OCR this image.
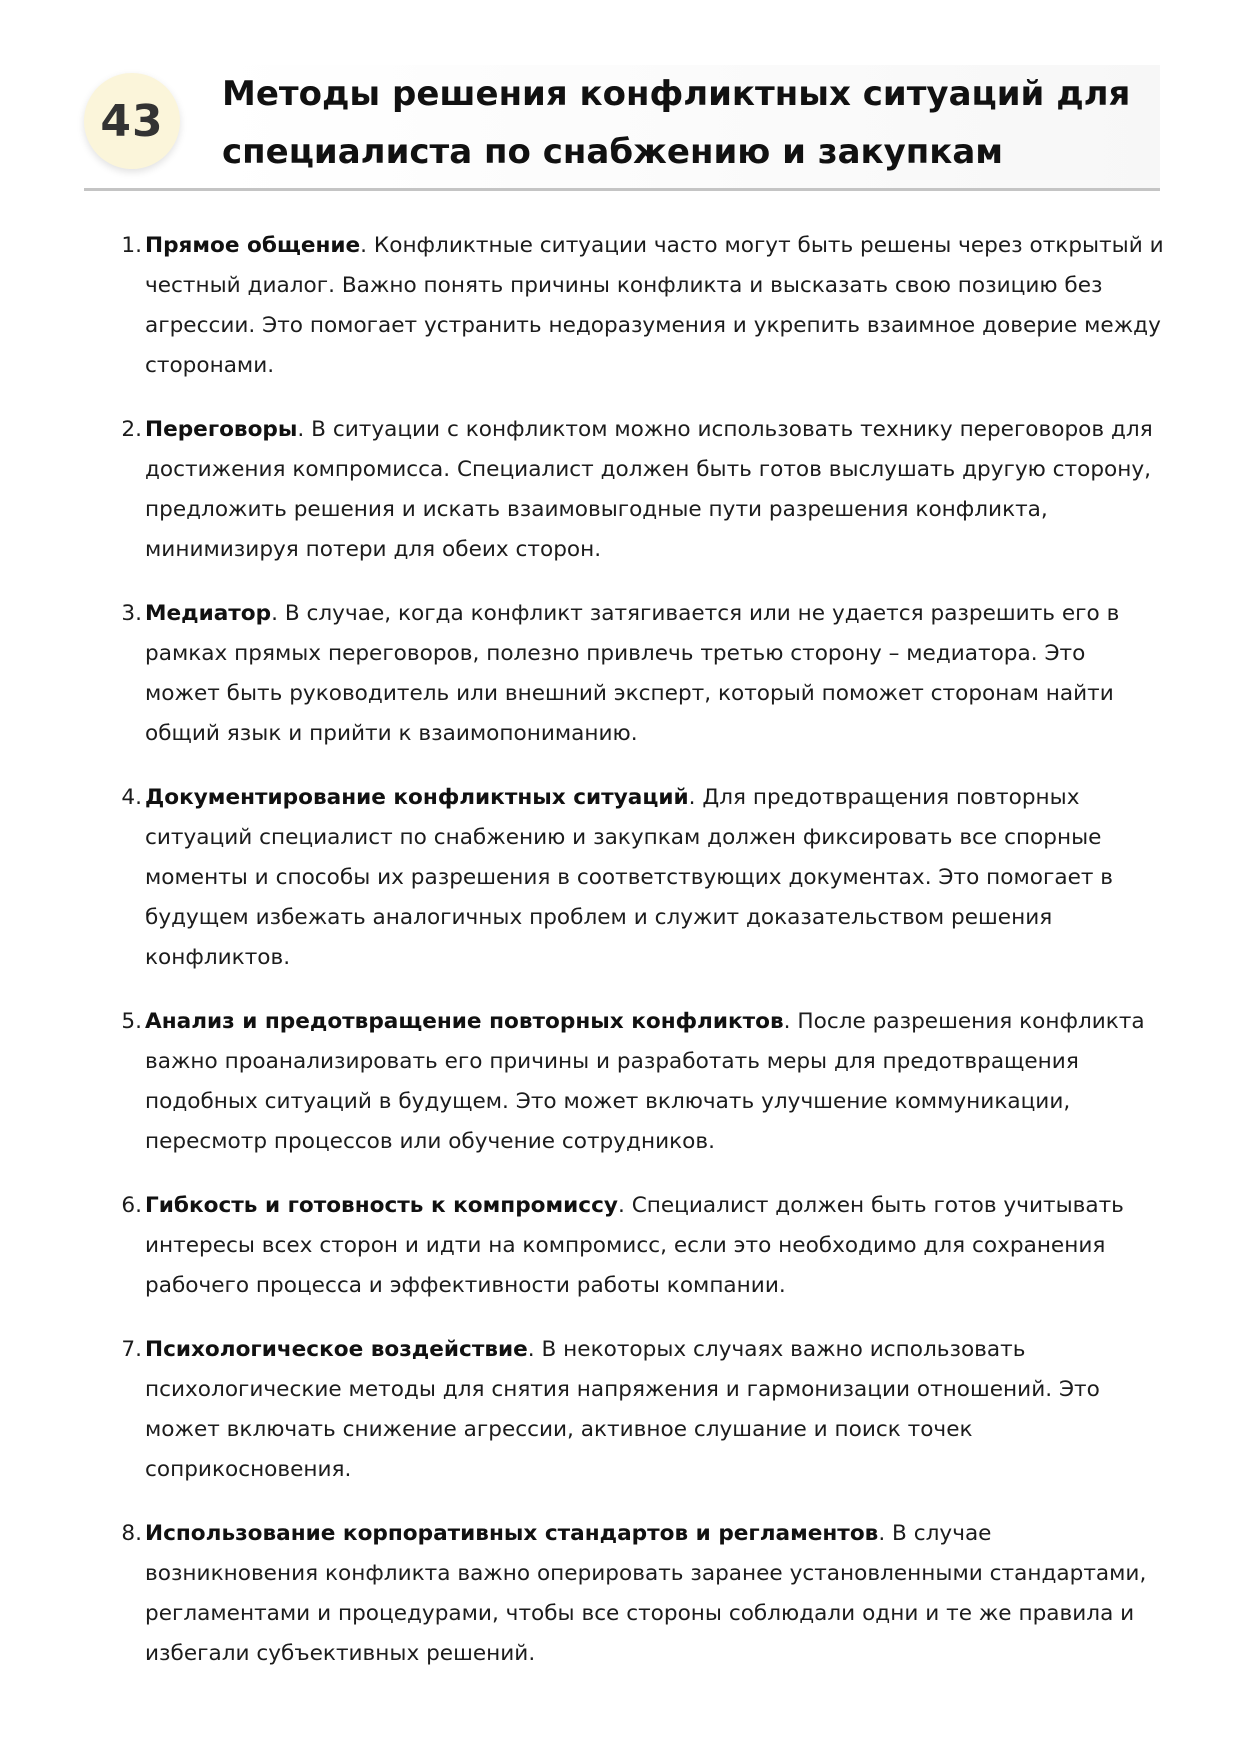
43
Методы решения конфликтных ситуаций для специалиста по снабжению и закупкам
1. Прямое общение. Конфликтные ситуации часто могут быть решены через открытый и честный диалог. Важно понять причины конфликта и высказать свою позицию без агрессии. Это помогает устранить недоразумения и укрепить взаимное доверие между сторонами.
2. Переговоры. В ситуации с конфликтом можно использовать технику переговоров для достижения компромисса. Специалист должен быть готов выслушать другую сторону, предложить решения и искать взаимовыгодные пути разрешения конфликта, минимизируя потери для обеих сторон.
3. Медиатор. В случае, когда конфликт затягивается или не удается разрешить его в рамках прямых переговоров, полезно привлечь третью сторону – медиатора. Это может быть руководитель или внешний эксперт, который поможет сторонам найти общий язык и прийти к взаимопониманию.
4. Документирование конфликтных ситуаций. Для предотвращения повторных ситуаций специалист по снабжению и закупкам должен фиксировать все спорные моменты и способы их разрешения в соответствующих документах. Это помогает в будущем избежать аналогичных проблем и служит доказательством решения конфликтов.
5. Анализ и предотвращение повторных конфликтов. После разрешения конфликта важно проанализировать его причины и разработать меры для предотвращения подобных ситуаций в будущем. Это может включать улучшение коммуникации, пересмотр процессов или обучение сотрудников.
6. Гибкость и готовность к компромиссу. Специалист должен быть готов учитывать интересы всех сторон и идти на компромисс, если это необходимо для сохранения рабочего процесса и эффективности работы компании.
7. Психологическое воздействие. В некоторых случаях важно использовать психологические методы для снятия напряжения и гармонизации отношений. Это может включать снижение агрессии, активное слушание и поиск точек соприкосновения.
8. Использование корпоративных стандартов и регламентов. В случае возникновения конфликта важно оперировать заранее установленными стандартами, регламентами и процедурами, чтобы все стороны соблюдали одни и те же правила и избегали субъективных решений.
